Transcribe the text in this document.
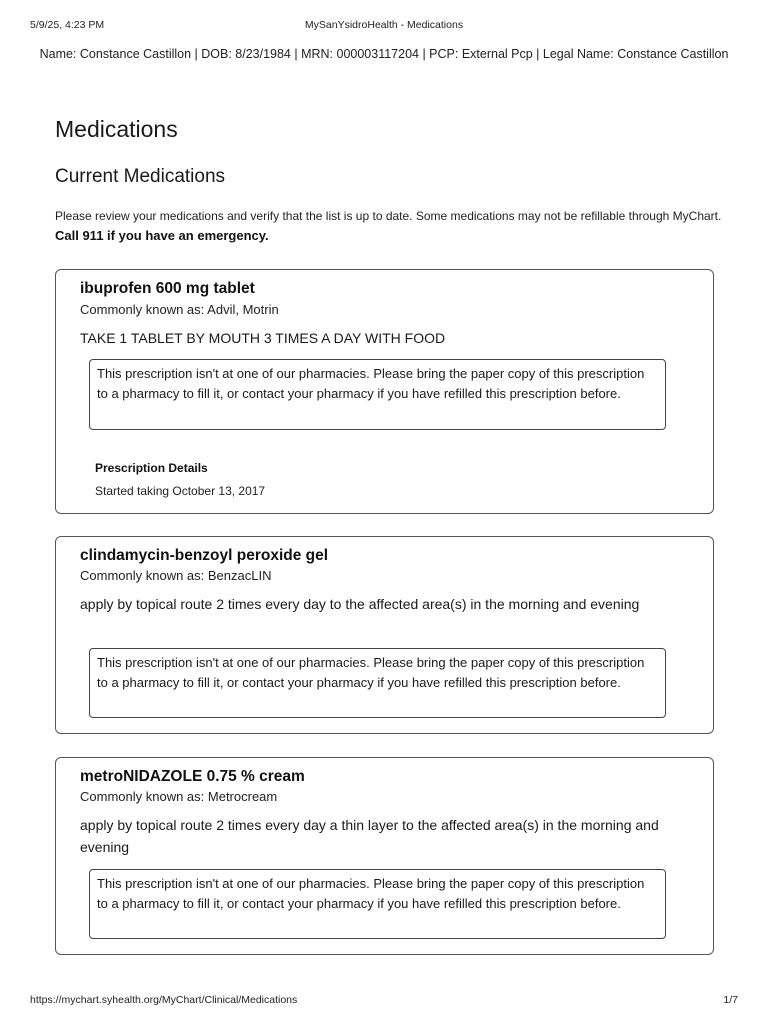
5/9/25, 4:23 PM	MySanYsidroHealth - Medications
Name: Constance Castillon | DOB: 8/23/1984 | MRN: 000003117204 | PCP: External Pcp | Legal Name: Constance Castillon
Medications
Current Medications
Please review your medications and verify that the list is up to date. Some medications may not be refillable through MyChart.
Call 911 if you have an emergency.
ibuprofen 600 mg tablet
Commonly known as: Advil, Motrin
TAKE 1 TABLET BY MOUTH 3 TIMES A DAY WITH FOOD
This prescription isn't at one of our pharmacies. Please bring the paper copy of this prescription to a pharmacy to fill it, or contact your pharmacy if you have refilled this prescription before.
Prescription Details
Started taking October 13, 2017
clindamycin-benzoyl peroxide gel
Commonly known as: BenzacLIN
apply by topical route 2 times every day to the affected area(s) in the morning and evening
This prescription isn't at one of our pharmacies. Please bring the paper copy of this prescription to a pharmacy to fill it, or contact your pharmacy if you have refilled this prescription before.
metroNIDAZOLE 0.75 % cream
Commonly known as: Metrocream
apply by topical route 2 times every day a thin layer to the affected area(s) in the morning and evening
This prescription isn't at one of our pharmacies. Please bring the paper copy of this prescription to a pharmacy to fill it, or contact your pharmacy if you have refilled this prescription before.
https://mychart.syhealth.org/MyChart/Clinical/Medications	1/7
